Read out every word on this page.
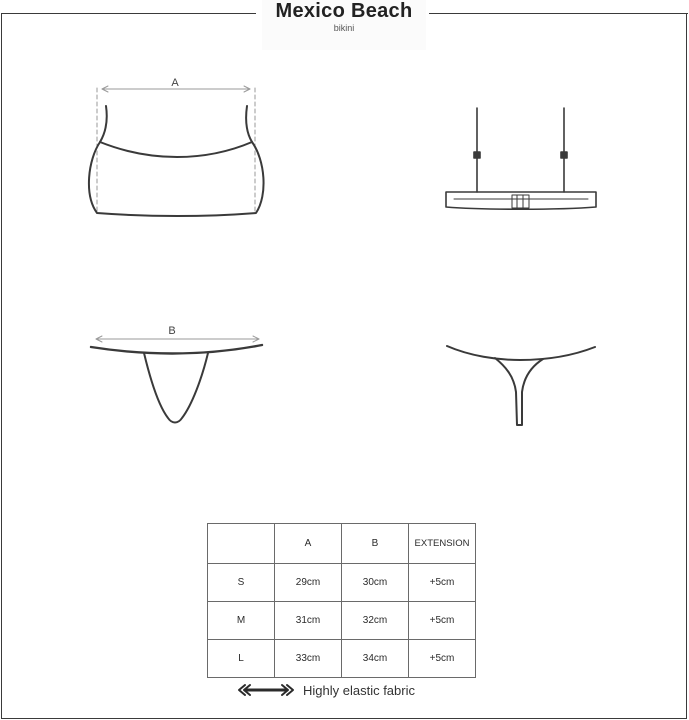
Mexico Beach
bikini
A
B
	A	B	EXTENSION
S	29cm	30cm	+5cm
M	31cm	32cm	+5cm
L	33cm	34cm	+5cm
Highly elastic fabric
